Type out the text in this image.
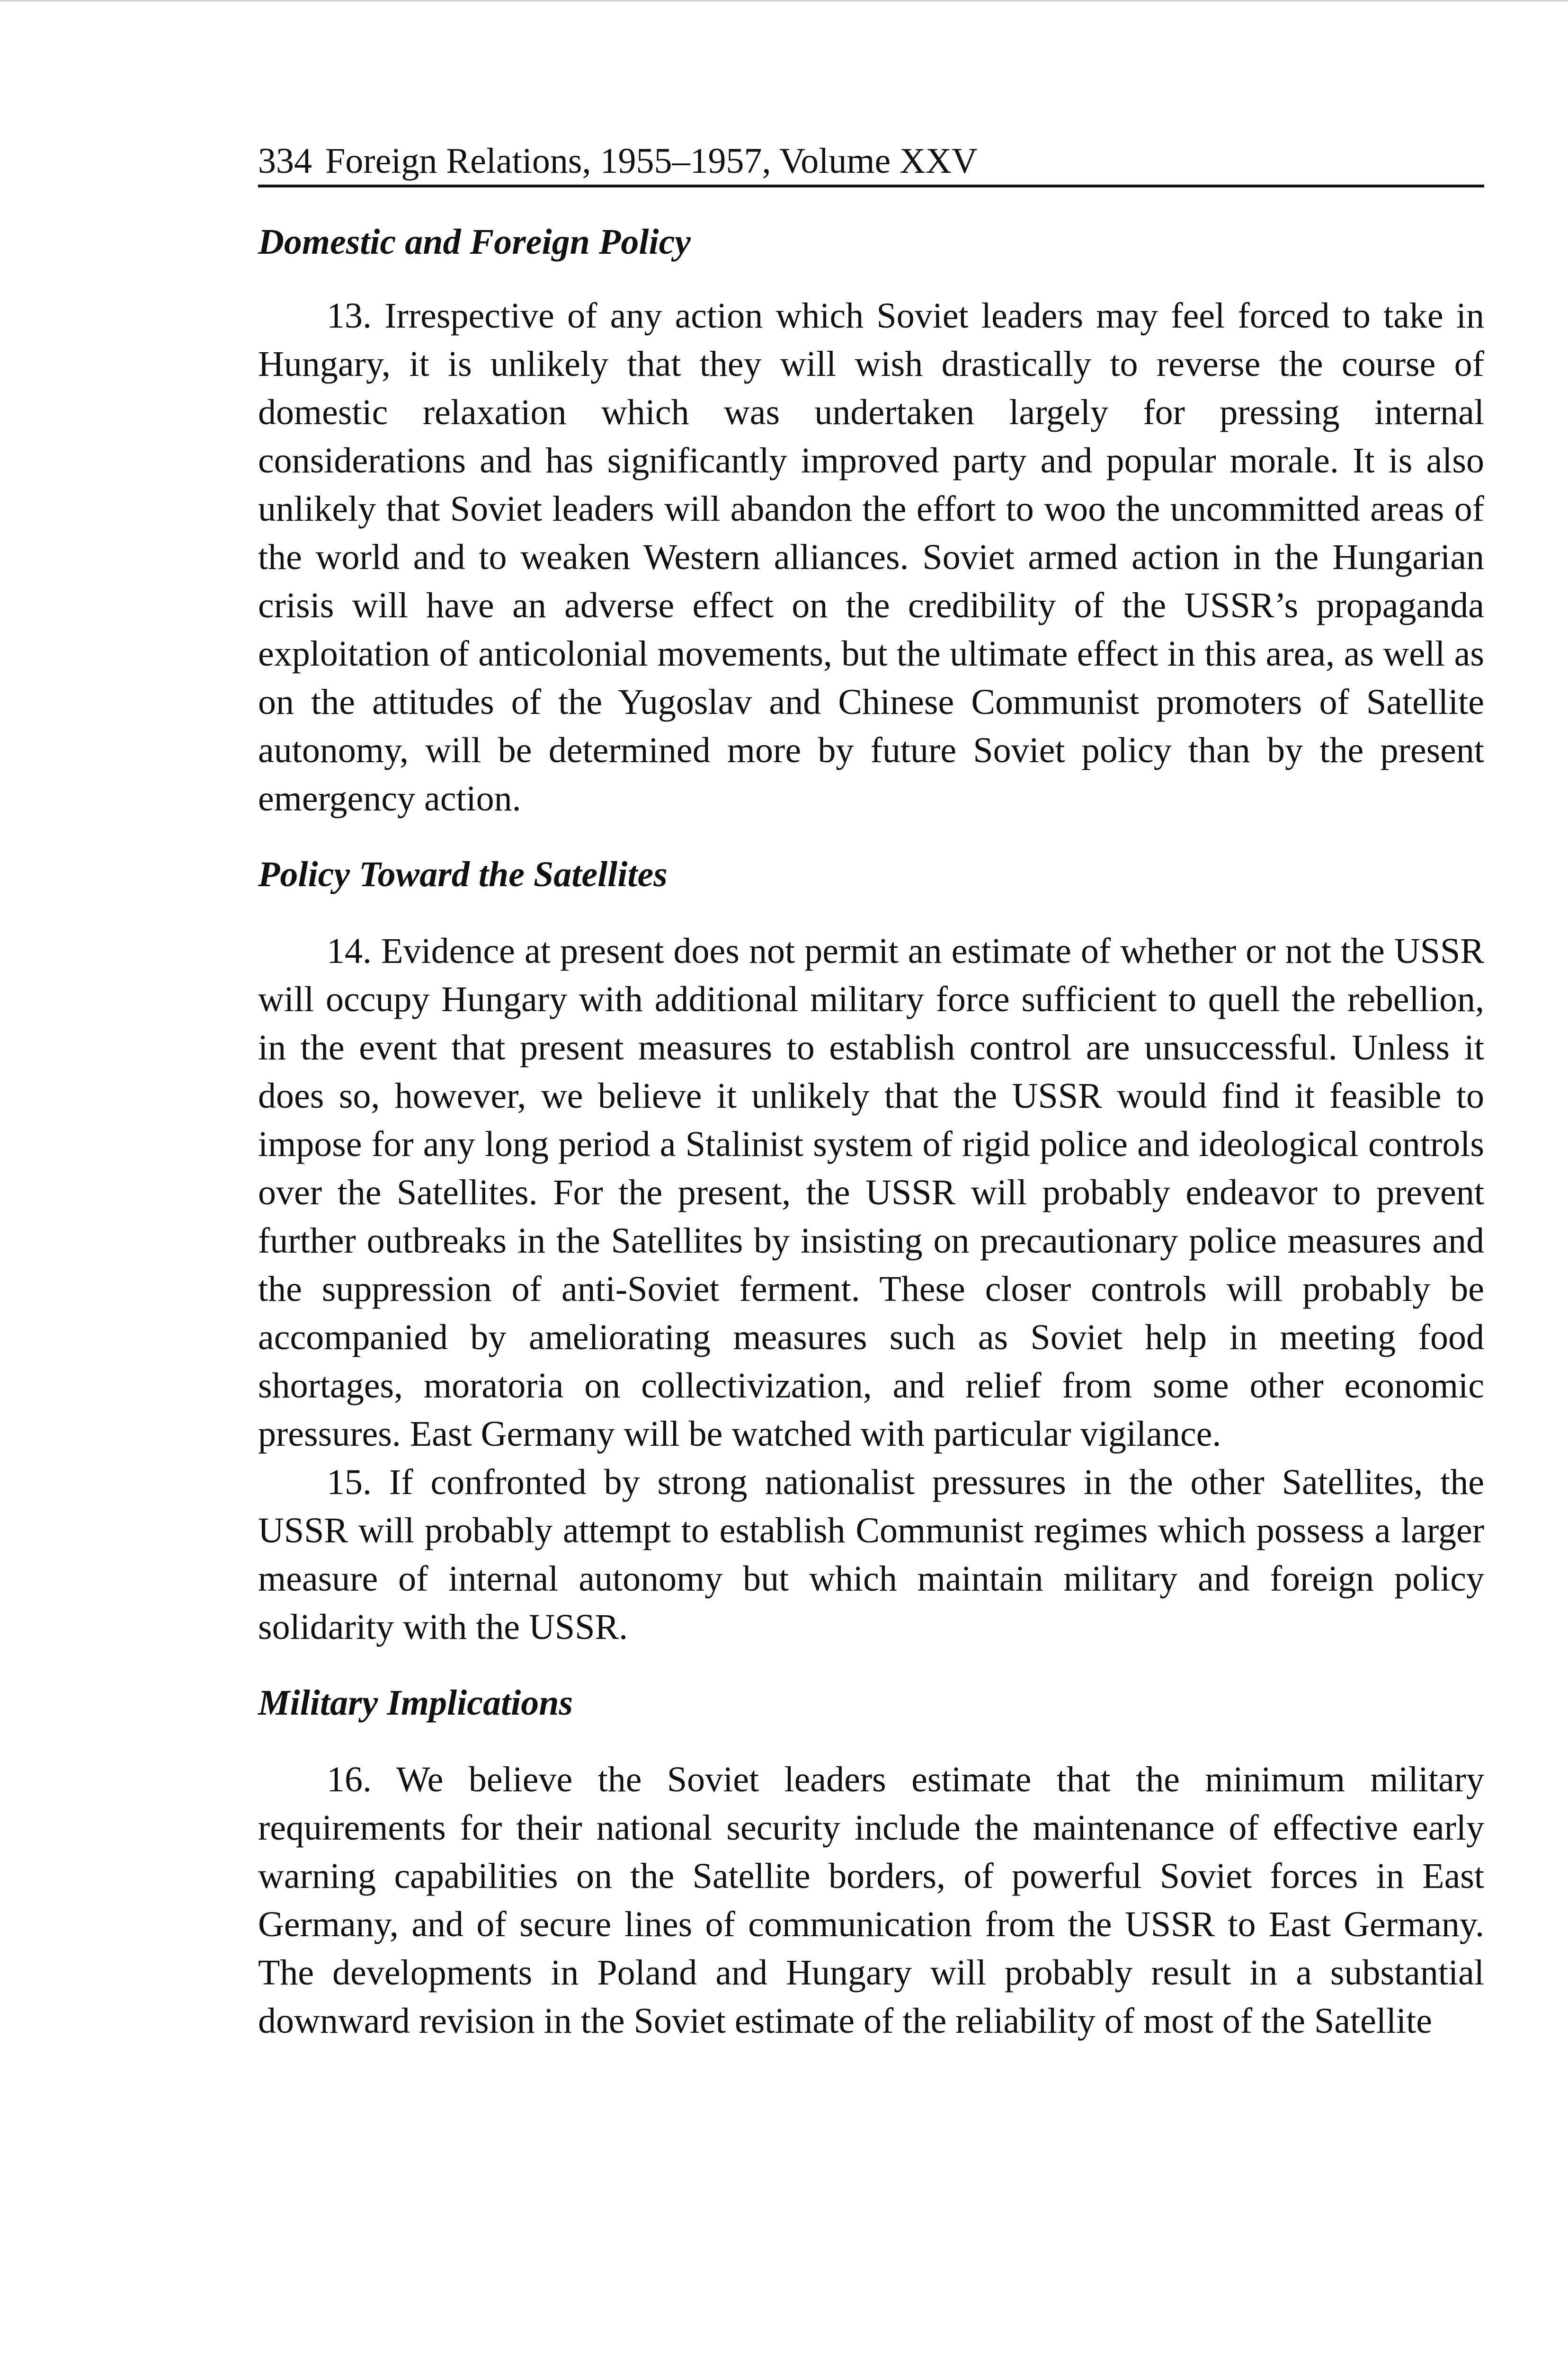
334 Foreign Relations, 1955–1957, Volume XXV
Domestic and Foreign Policy

13. Irrespective of any action which Soviet leaders may feel forced to take in Hungary, it is unlikely that they will wish drastically to reverse the course of domestic relaxation which was undertaken largely for pressing internal considerations and has significantly improved party and popular morale. It is also unlikely that Soviet leaders will abandon the effort to woo the uncommitted areas of the world and to weaken Western alliances. Soviet armed action in the Hungarian crisis will have an adverse effect on the credibility of the USSR’s propaganda exploitation of anticolonial movements, but the ultimate effect in this area, as well as on the attitudes of the Yugoslav and Chinese Communist promoters of Satellite autonomy, will be determined more by future Soviet policy than by the present emergency action.

Policy Toward the Satellites

14. Evidence at present does not permit an estimate of whether or not the USSR will occupy Hungary with additional military force sufficient to quell the rebellion, in the event that present measures to establish control are unsuccessful. Unless it does so, however, we believe it unlikely that the USSR would find it feasible to impose for any long period a Stalinist system of rigid police and ideological controls over the Satellites. For the present, the USSR will probably endeavor to prevent further outbreaks in the Satellites by insisting on precautionary police measures and the suppression of anti-Soviet ferment. These closer controls will probably be accompanied by ameliorating measures such as Soviet help in meeting food shortages, moratoria on collectivization, and relief from some other economic pressures. East Germany will be watched with particular vigilance.

15. If confronted by strong nationalist pressures in the other Satellites, the USSR will probably attempt to establish Communist regimes which possess a larger measure of internal autonomy but which maintain military and foreign policy solidarity with the USSR.

Military Implications

16. We believe the Soviet leaders estimate that the minimum military requirements for their national security include the maintenance of effective early warning capabilities on the Satellite borders, of powerful Soviet forces in East Germany, and of secure lines of communication from the USSR to East Germany. The developments in Poland and Hungary will probably result in a substantial downward revision in the Soviet estimate of the reliability of most of the Satellite
